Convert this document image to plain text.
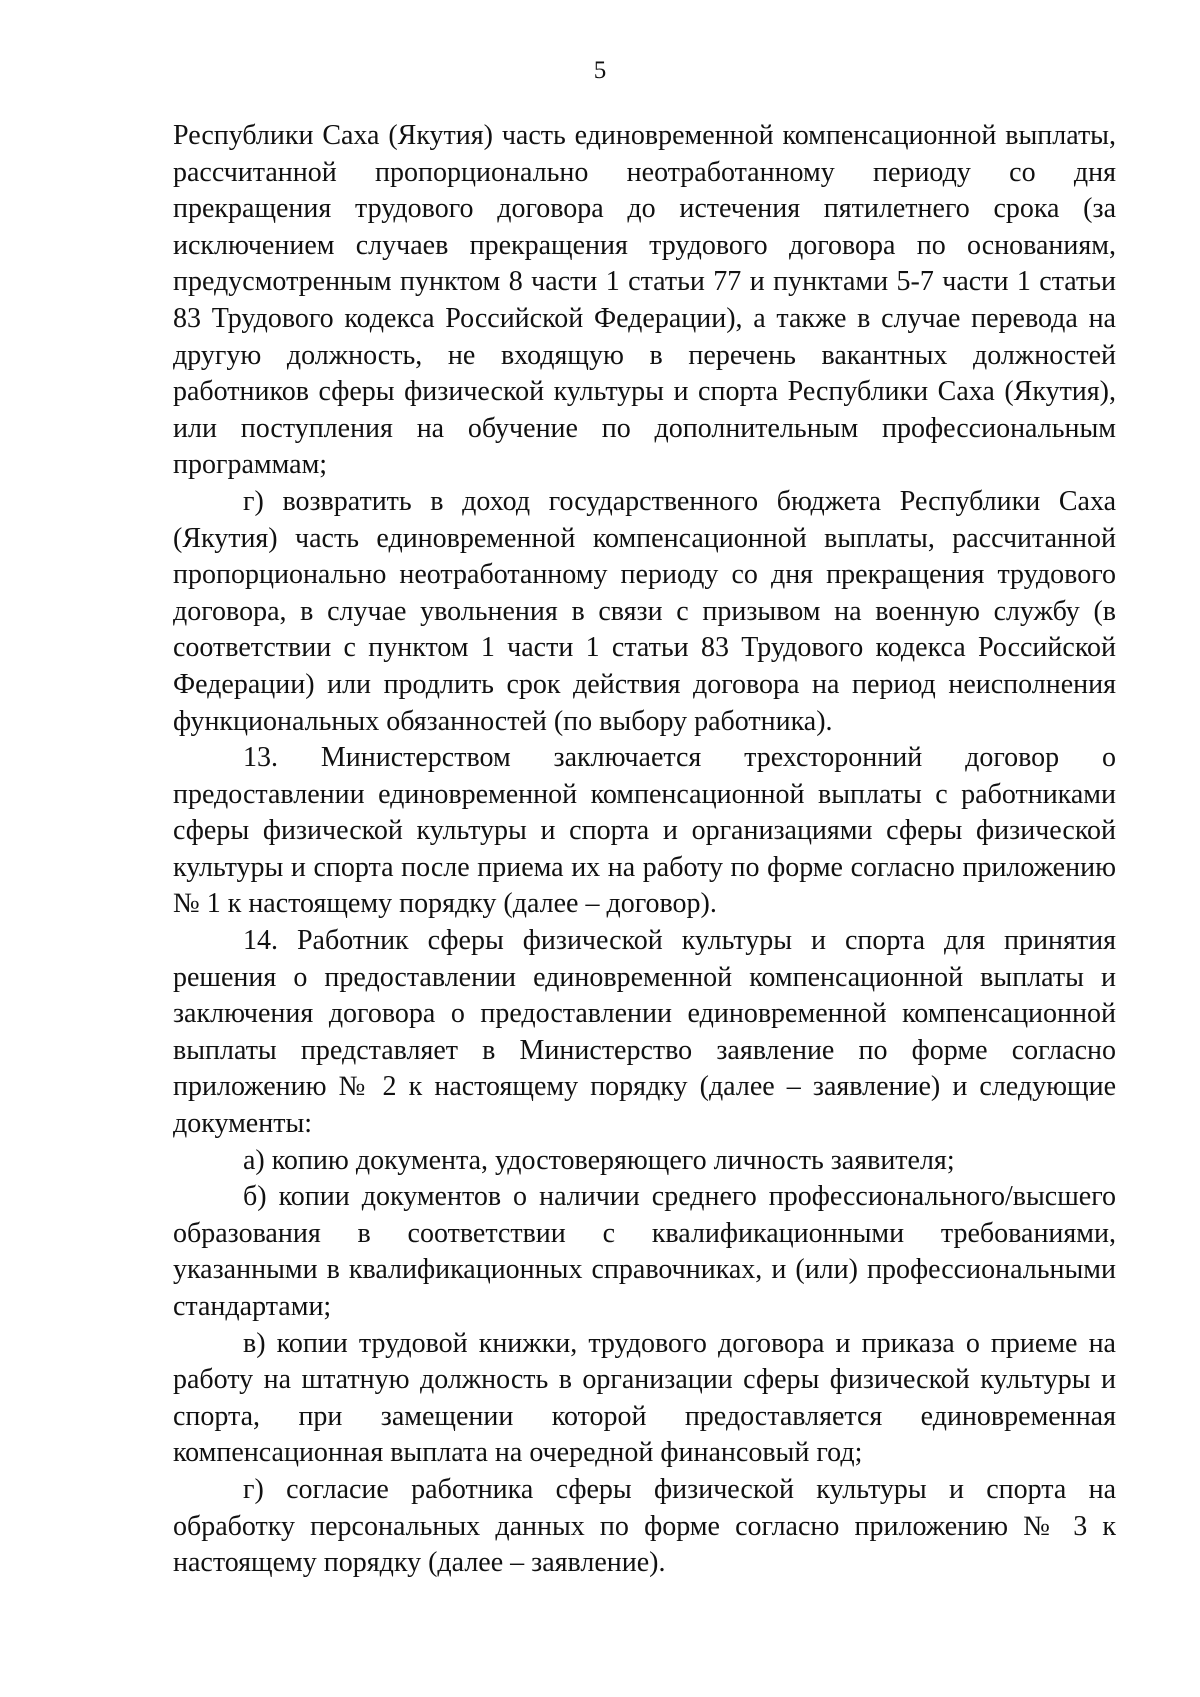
5

Республики Саха (Якутия) часть единовременной компенсационной выплаты, рассчитанной пропорционально неотработанному периоду со дня прекращения трудового договора до истечения пятилетнего срока (за исключением случаев прекращения трудового договора по основаниям, предусмотренным пунктом 8 части 1 статьи 77 и пунктами 5-7 части 1 статьи 83 Трудового кодекса Российской Федерации), а также в случае перевода на другую должность, не входящую в перечень вакантных должностей работников сферы физической культуры и спорта Республики Саха (Якутия), или поступления на обучение по дополнительным профессиональным программам;

г) возвратить в доход государственного бюджета Республики Саха (Якутия) часть единовременной компенсационной выплаты, рассчитанной пропорционально неотработанному периоду со дня прекращения трудового договора, в случае увольнения в связи с призывом на военную службу (в соответствии с пунктом 1 части 1 статьи 83 Трудового кодекса Российской Федерации) или продлить срок действия договора на период неисполнения функциональных обязанностей (по выбору работника).

13. Министерством заключается трехсторонний договор о предоставлении единовременной компенсационной выплаты с работниками сферы физической культуры и спорта и организациями сферы физической культуры и спорта после приема их на работу по форме согласно приложению № 1 к настоящему порядку (далее – договор).

14. Работник сферы физической культуры и спорта для принятия решения о предоставлении единовременной компенсационной выплаты и заключения договора о предоставлении единовременной компенсационной выплаты представляет в Министерство заявление по форме согласно приложению № 2 к настоящему порядку (далее – заявление) и следующие документы:

а) копию документа, удостоверяющего личность заявителя;

б) копии документов о наличии среднего профессионального/высшего образования в соответствии с квалификационными требованиями, указанными в квалификационных справочниках, и (или) профессиональными стандартами;

в) копии трудовой книжки, трудового договора и приказа о приеме на работу на штатную должность в организации сферы физической культуры и спорта, при замещении которой предоставляется единовременная компенсационная выплата на очередной финансовый год;

г) согласие работника сферы физической культуры и спорта на обработку персональных данных по форме согласно приложению № 3 к настоящему порядку (далее – заявление).
